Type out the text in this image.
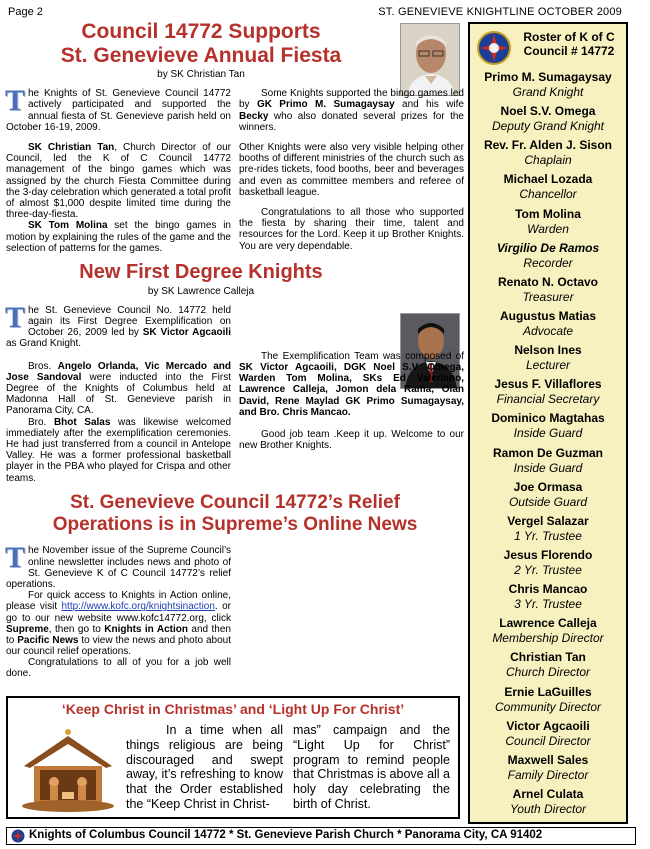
Page 2	ST. GENEVIEVE KNIGHTLINE OCTOBER 2009
Council 14772 Supports
St. Genevieve Annual Fiesta
by SK Christian Tan

The Knights of St. Genevieve Council 14772 actively participated and supported the annual fiesta of St. Genevieve parish held on October 16-19, 2009.

SK Christian Tan, Church Director of our Council, led the K of C Council 14772 management of the bingo games which was assigned by the church Fiesta Committee during the 3-day celebration which generated a total profit of almost $1,000 despite limited time during the three-day-fiesta.

SK Tom Molina set the bingo games in motion by explaining the rules of the game and the selection of patterns for the games.

Some Knights supported the bingo games led by GK Primo M. Sumagaysay and his wife Becky who also donated several prizes for the winners.

Other Knights were also very visible helping other booths of different ministries of the church such as pre-rides tickets, food booths, beer and beverages and even as committee members and referee of basketball league.

Congratulations to all those who supported the fiesta by sharing their time, talent and resources for the Lord. Keep it up Brother Knights. You are very dependable.

New First Degree Knights
by SK Lawrence Calleja

The St. Genevieve Council No. 14772 held again its First Degree Exemplification on October 26, 2009 led by SK Victor Agcaoili as Grand Knight.

Bros. Angelo Orlanda, Vic Mercado and Jose Sandoval were inducted into the First Degree of the Knights of Columbus held at Madonna Hall of St. Genevieve parish in Panorama City, CA.

Bro. Bhot Salas was likewise welcomed immediately after the exemplification ceremonies. He had just transferred from a council in Antelope Valley. He was a former professional basketball player in the PBA who played for Crispa and other teams.

The Exemplification Team was composed of SK Victor Agcaoili, DGK Noel S.V. Omega, Warden Tom Molina, SKs Ed Valeriano, Lawrence Calleja, Jomon dela Rama, Olan David, Rene Maylad GK Primo Sumagaysay, and Bro. Chris Mancao.

Good job team .Keep it up. Welcome to our new Brother Knights.

St. Genevieve Council 14772’s Relief
Operations is in Supreme’s Online News

The November issue of the Supreme Council’s online newsletter includes news and photo of St. Genevieve K of C Council 14772’s relief operations.

For quick access to Knights in Action online, please visit http://www.kofc.org/knightsinaction. or go to our new website www.kofc14772.org, click Supreme, then go to Knights in Action and then to Pacific News to view the news and photo about our council relief operations.

Congratulations to all of you for a job well done.

‘Keep Christ in Christmas’ and ‘Light Up For Christ’
In a time when all things religious are being discouraged and swept away, it’s refreshing to know that the Order established the “Keep Christ in Christ-
mas” campaign and the “Light Up for Christ” program to remind people that Christmas is above all a holy day celebrating the birth of Christ.
Roster of K of C
Council # 14772
Primo M. Sumagaysay
Grand Knight
Noel S.V. Omega
Deputy Grand Knight
Rev. Fr. Alden J. Sison
Chaplain
Michael Lozada
Chancellor
Tom Molina
Warden
Virgilio De Ramos
Recorder
Renato N. Octavo
Treasurer
Augustus Matias
Advocate
Nelson Ines
Lecturer
Jesus F. Villaflores
Financial Secretary
Dominico Magtahas
Inside Guard
Ramon De Guzman
Inside Guard
Joe Ormasa
Outside Guard
Vergel Salazar
1 Yr. Trustee
Jesus Florendo
2 Yr. Trustee
Chris Mancao
3 Yr. Trustee
Lawrence Calleja
Membership Director
Christian Tan
Church Director
Ernie LaGuilles
Community Director
Victor Agcaoili
Council Director
Maxwell Sales
Family Director
Arnel Culata
Youth Director
Knights of Columbus Council 14772 * St. Genevieve Parish Church * Panorama City, CA 91402
